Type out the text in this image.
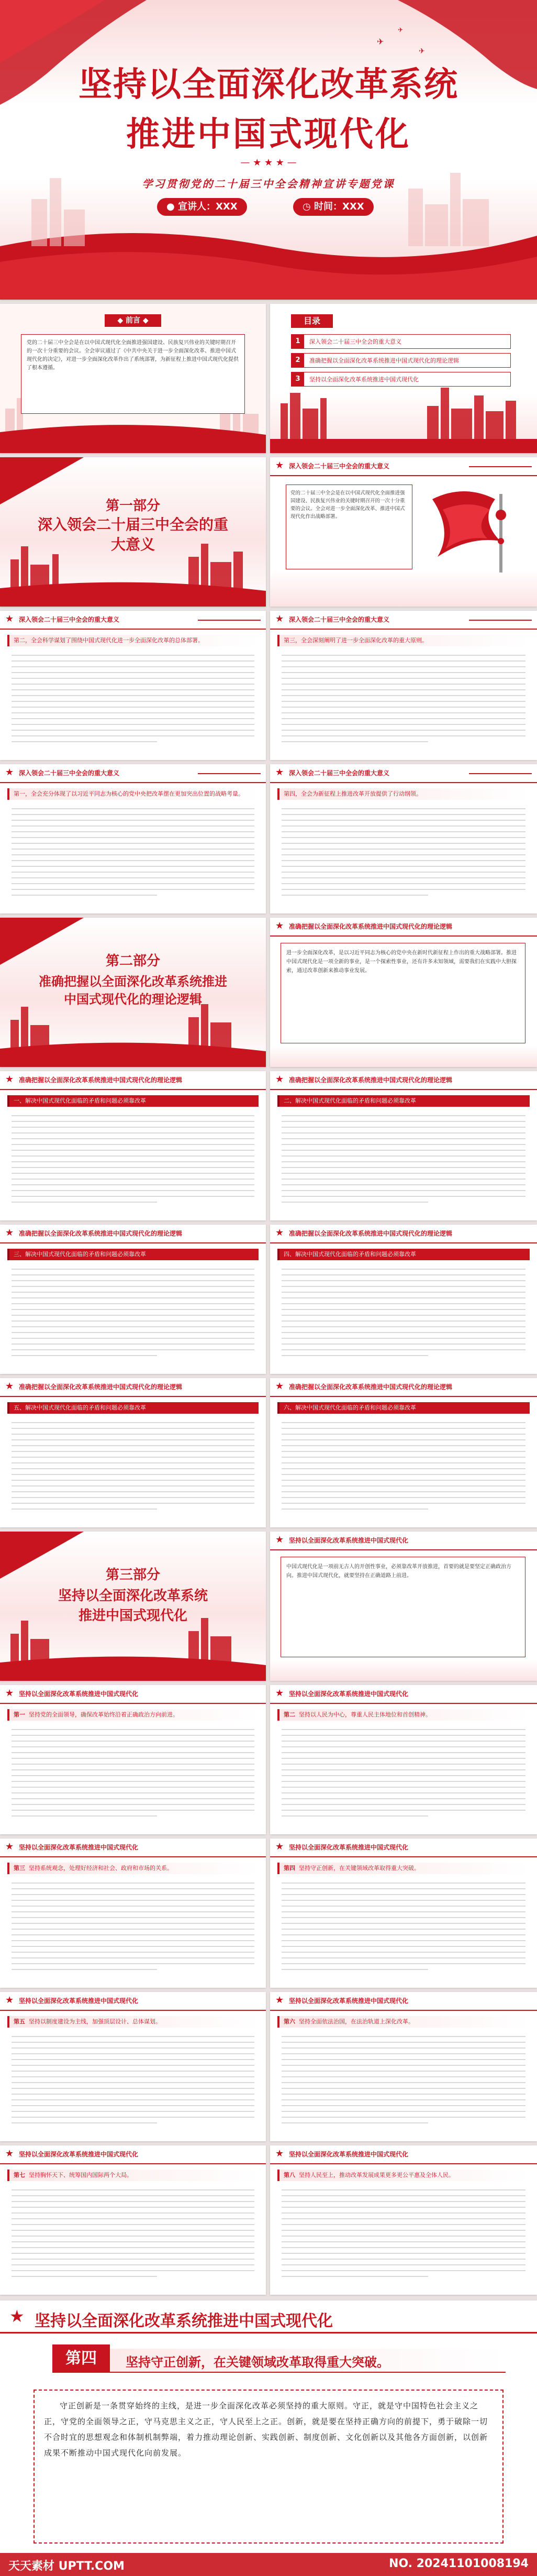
✈
✈
✈
坚持以全面深化改革系统
推进中国式现代化
— ★ ★ ★ —
学习贯彻党的二十届三中全会精神宣讲专题党课
● 宣讲人：XXX	◷ 时间：XXX
◆ 前言 ◆
党的二十届三中全会是在以中国式现代化全面推进强国建设、民族复兴伟业的关键时期召开的一次十分重要的会议。全会审议通过了《中共中央关于进一步全面深化改革、推进中国式现代化的决定》，对进一步全面深化改革作出了系统部署，为新征程上推进中国式现代化提供了根本遵循。
目录
1	深入领会二十届三中全会的重大意义
2	准确把握以全面深化改革系统推进中国式现代化的理论逻辑
3	坚持以全面深化改革系统推进中国式现代化
第一部分
深入领会二十届三中全会的重大意义
★ 深入领会二十届三中全会的重大意义
党的二十届三中全会是在以中国式现代化全面推进强国建设、民族复兴伟业的关键时期召开的一次十分重要的会议。全会对进一步全面深化改革、推进中国式现代化作出战略部署。
★ 深入领会二十届三中全会的重大意义
第二，全会科学谋划了围绕中国式现代化进一步全面深化改革的总体部署。
★ 深入领会二十届三中全会的重大意义
第三，全会深刻阐明了进一步全面深化改革的重大原则。
★ 深入领会二十届三中全会的重大意义
第一，全会充分体现了以习近平同志为核心的党中央把改革摆在更加突出位置的战略考量。
★ 深入领会二十届三中全会的重大意义
第四，全会为新征程上推进改革开放提供了行动纲领。
第二部分
准确把握以全面深化改革系统推进
中国式现代化的理论逻辑
★ 准确把握以全面深化改革系统推进中国式现代化的理论逻辑
进一步全面深化改革，是以习近平同志为核心的党中央在新时代新征程上作出的重大战略部署。推进中国式现代化是一项全新的事业，是一个探索性事业，还有许多未知领域，需要我们在实践中大胆探索，通过改革创新来推动事业发展。
★ 准确把握以全面深化改革系统推进中国式现代化的理论逻辑
一、解决中国式现代化面临的矛盾和问题必须靠改革
★ 准确把握以全面深化改革系统推进中国式现代化的理论逻辑
二、解决中国式现代化面临的矛盾和问题必须靠改革
★ 准确把握以全面深化改革系统推进中国式现代化的理论逻辑
三、解决中国式现代化面临的矛盾和问题必须靠改革
★ 准确把握以全面深化改革系统推进中国式现代化的理论逻辑
四、解决中国式现代化面临的矛盾和问题必须靠改革
★ 准确把握以全面深化改革系统推进中国式现代化的理论逻辑
五、解决中国式现代化面临的矛盾和问题必须靠改革
★ 准确把握以全面深化改革系统推进中国式现代化的理论逻辑
六、解决中国式现代化面临的矛盾和问题必须靠改革
第三部分
坚持以全面深化改革系统
推进中国式现代化
★ 坚持以全面深化改革系统推进中国式现代化
中国式现代化是一项前无古人的开创性事业，必须靠改革开放推进，首要的就是要坚定正确政治方向。推进中国式现代化，就要坚持在正确道路上前进。
★ 坚持以全面深化改革系统推进中国式现代化
第一 坚持党的全面领导，确保改革始终沿着正确政治方向前进。
★ 坚持以全面深化改革系统推进中国式现代化
第二 坚持以人民为中心，尊重人民主体地位和首创精神。
★ 坚持以全面深化改革系统推进中国式现代化
第三 坚持系统观念，处理好经济和社会、政府和市场的关系。
★ 坚持以全面深化改革系统推进中国式现代化
第四 坚持守正创新，在关键领域改革取得重大突破。
★ 坚持以全面深化改革系统推进中国式现代化
第五 坚持以制度建设为主线，加强顶层设计、总体谋划。
★ 坚持以全面深化改革系统推进中国式现代化
第六 坚持全面依法治国，在法治轨道上深化改革。
★ 坚持以全面深化改革系统推进中国式现代化
第七 坚持胸怀天下、统筹国内国际两个大局。
★ 坚持以全面深化改革系统推进中国式现代化
第八 坚持人民至上，推动改革发展成果更多更公平惠及全体人民。
★ 坚持以全面深化改革系统推进中国式现代化
第四	坚持守正创新，在关键领域改革取得重大突破。
守正创新是一条贯穿始终的主线，是进一步全面深化改革必须坚持的重大原则。守正，就是守中国特色社会主义之正，守党的全面领导之正，守马克思主义之正，守人民至上之正。创新，就是要在坚持正确方向的前提下，勇于破除一切不合时宜的思想观念和体制机制弊端，着力推动理论创新、实践创新、制度创新、文化创新以及其他各方面创新，以创新成果不断推动中国式现代化向前发展。
天天素材 UPTT.COM	NO. 20241101008194
